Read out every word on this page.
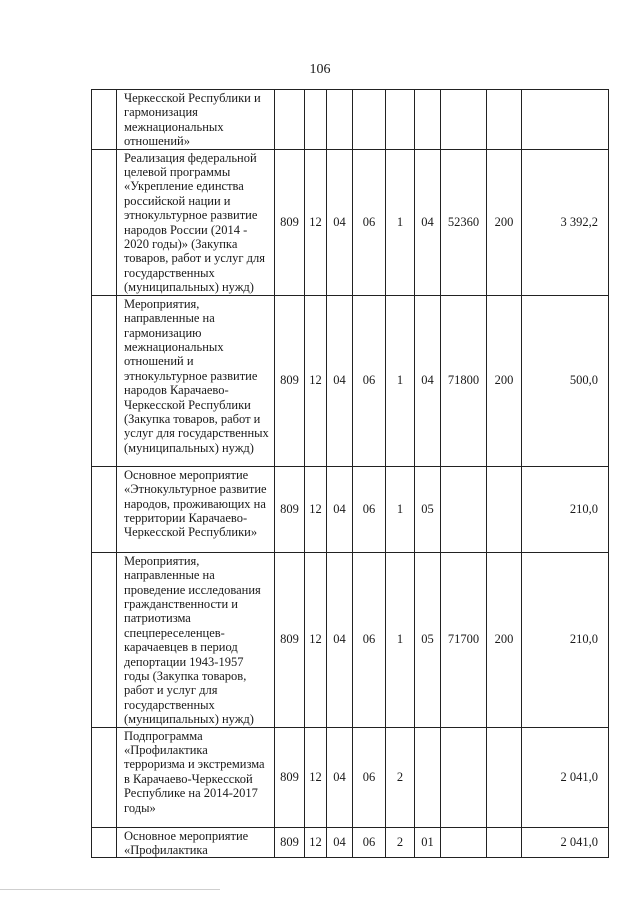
106
	Черкесской Республики и гармонизация межнациональных отношений»									
	Реализация федеральной целевой программы «Укрепление единства российской нации и этнокультурное развитие народов России (2014 - 2020 годы)» (Закупка товаров, работ и услуг для государственных (муниципальных) нужд)	809	12	04	06	1	04	52360	200	3 392,2
	Мероприятия, направленные на гармонизацию межнациональных отношений и этнокультурное развитие народов Карачаево-Черкесской Республики (Закупка товаров, работ и услуг для государственных (муниципальных) нужд)	809	12	04	06	1	04	71800	200	500,0
	Основное мероприятие «Этнокультурное развитие народов, проживающих на территории Карачаево-Черкесской Республики»	809	12	04	06	1	05			210,0
	Мероприятия, направленные на проведение исследования гражданственности и патриотизма спецпереселенцев-карачаевцев в период депортации 1943-1957 годы (Закупка товаров, работ и услуг для государственных (муниципальных) нужд)	809	12	04	06	1	05	71700	200	210,0
	Подпрограмма «Профилактика терроризма и экстремизма в Карачаево-Черкесской Республике на 2014-2017 годы»	809	12	04	06	2				2 041,0
	Основное мероприятие «Профилактика	809	12	04	06	2	01			2 041,0
